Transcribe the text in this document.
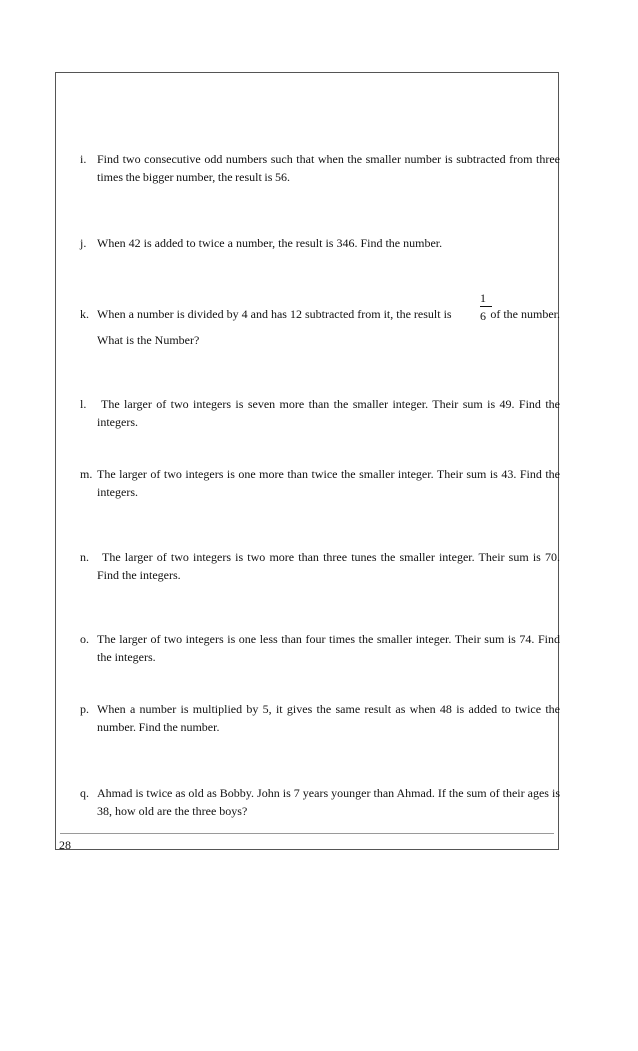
i. Find two consecutive odd numbers such that when the smaller number is subtracted from three times the bigger number, the result is 56.
j. When 42 is added to twice a number, the result is 346. Find the number.
k. When a number is divided by 4 and has 12 subtracted from it, the result is $\frac{1}{6}$
of the number.
What is the Number?
l.	The larger of two integers is seven more than the smaller integer. Their sum is 49. Find the integers.
m. The larger of two integers is one more than twice the smaller integer. Their sum is 43. Find the integers.
n.	The larger of two integers is two more than three tunes the smaller integer. Their sum is 70. Find the integers.
o. The larger of two integers is one less than four times the smaller integer. Their sum is 74. Find the integers.
p. When a number is multiplied by 5, it gives the same result as when 48 is added to twice the number. Find the number.
q. Ahmad is twice as old as Bobby. John is 7 years younger than Ahmad. If the sum of their ages is 38, how old are the three boys?
28
